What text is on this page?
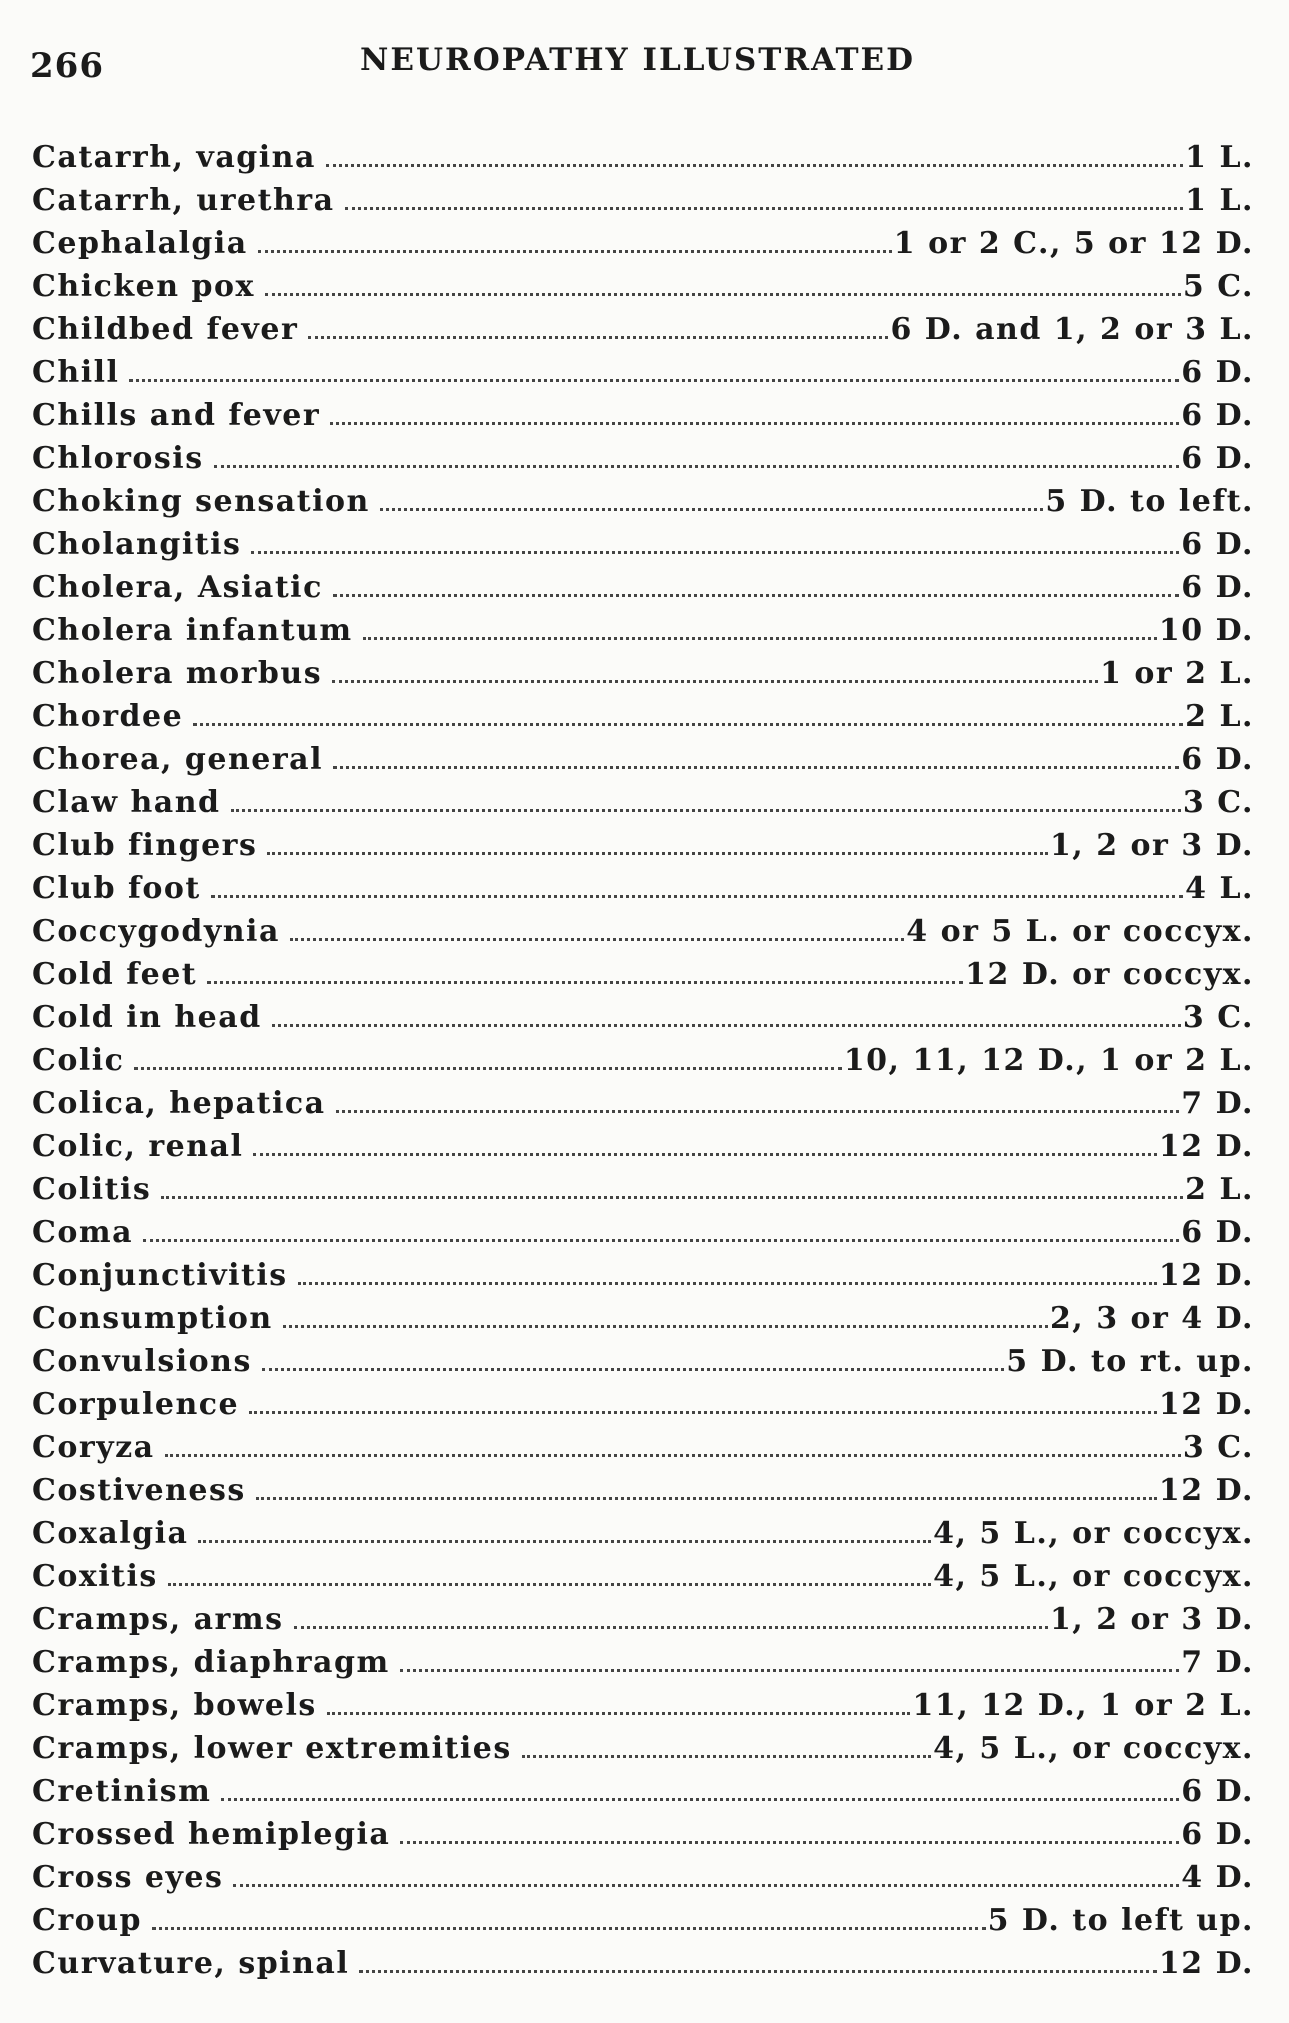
266	NEUROPATHY ILLUSTRATED
Catarrh, vagina	1 L.
Catarrh, urethra	1 L.
Cephalalgia	1 or 2 C., 5 or 12 D.
Chicken pox	5 C.
Childbed fever	6 D. and 1, 2 or 3 L.
Chill	6 D.
Chills and fever	6 D.
Chlorosis	6 D.
Choking sensation	5 D. to left.
Cholangitis	6 D.
Cholera, Asiatic	6 D.
Cholera infantum	10 D.
Cholera morbus	1 or 2 L.
Chordee	2 L.
Chorea, general	6 D.
Claw hand	3 C.
Club fingers	1, 2 or 3 D.
Club foot	4 L.
Coccygodynia	4 or 5 L. or coccyx.
Cold feet	12 D. or coccyx.
Cold in head	3 C.
Colic	10, 11, 12 D., 1 or 2 L.
Colica, hepatica	7 D.
Colic, renal	12 D.
Colitis	2 L.
Coma	6 D.
Conjunctivitis	12 D.
Consumption	2, 3 or 4 D.
Convulsions	5 D. to rt. up.
Corpulence	12 D.
Coryza	3 C.
Costiveness	12 D.
Coxalgia	4, 5 L., or coccyx.
Coxitis	4, 5 L., or coccyx.
Cramps, arms	1, 2 or 3 D.
Cramps, diaphragm	7 D.
Cramps, bowels	11, 12 D., 1 or 2 L.
Cramps, lower extremities	4, 5 L., or coccyx.
Cretinism	6 D.
Crossed hemiplegia	6 D.
Cross eyes	4 D.
Croup	5 D. to left up.
Curvature, spinal	12 D.
